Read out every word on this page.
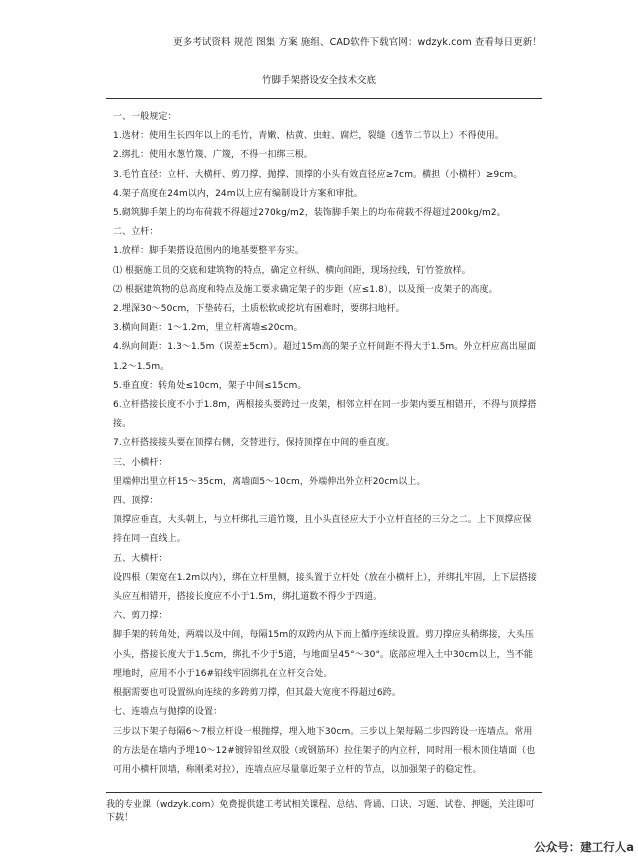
更多考试资料 规范 图集 方案 施组、CAD软件下载官网：wdzyk.com 查看每日更新！
竹脚手架搭设安全技术交底

一、一般规定：

1.选材：使用生长四年以上的毛竹，青嫩、枯黄、虫蛀、腐烂，裂缝（透节二节以上）不得使用。

2.绑扎：使用水葱竹篾、广篾，不得一扣绑三根。

3.毛竹直径：立杆、大横杆、剪刀撑、抛撑、顶撑的小头有效直径应≥7cm。横担（小横杆）≥9cm。

4.架子高度在24m以内，24m以上应有编制设计方案和审批。

5.砌筑脚手架上的均布荷载不得超过270kg/m2，装饰脚手架上的均布荷载不得超过200kg/m2。

二、立杆：

1.放样：脚手架搭设范围内的地基要整平夯实。

⑴ 根据施工员的交底和建筑物的特点，确定立杆纵、横向间距，现场拉线，钉竹签放样。

⑵ 根据建筑物的总高度和特点及施工要求确定架子的步距（应≤1.8），以及预一皮架子的高度。

2.埋深30～50cm，下垫砖石，土质松软或挖坑有困难时，要绑扫地杆。

3.横向间距：1～1.2m，里立杆离墙≤20cm。

4.纵向间距：1.3～1.5m（误差±5cm）。超过15m高的架子立杆间距不得大于1.5m。外立杆应高出屋面1.2～1.5m。

5.垂直度：转角处≤10cm，架子中间≤15cm。

6.立杆搭接长度不小于1.8m，两根接头要跨过一皮架，相邻立杆在同一步架内要互相错开，不得与顶撑搭接。

7.立杆搭接接头要在顶撑右侧，交替进行，保持顶撑在中间的垂直度。

三、小横杆：

里端伸出里立杆15～35cm，离墙面5～10cm，外端伸出外立杆20cm以上。

四、顶撑：

顶撑应垂直，大头朝上，与立杆绑扎三道竹篾，且小头直径应大于小立杆直径的三分之二。上下顶撑应保持在同一直线上。

五、大横杆：

设四根（架宽在1.2m以内），绑在立杆里侧，接头置于立杆处（放在小横杆上），并绑扎牢固，上下层搭接头应互相错开，搭接长度应不小于1.5m，绑扎道数不得少于四道。

六、剪刀撑：

脚手架的转角处，两端以及中间，每隔15m的双跨内从下而上循序连续设置。剪刀撑应头稍绑接，大头压小头，搭接长度大于1.5cm，绑扎不少于5道，与地面呈45°～30°。底部应埋入土中30cm以上，当不能埋地时，应用不小于16#铅线牢固绑扎在立杆交合处。

根据需要也可设置纵向连续的多跨剪刀撑，但其最大宽度不得超过6跨。

七、连墙点与抛撑的设置：

三步以下架子每隔6～7根立杆设一根抛撑，埋入地下30cm。三步以上架每隔二步四跨设一连墙点。常用的方法是在墙内予埋10～12#镀锌铅丝双股（或钢筋环）拉住架子的内立杆，同时用一根木顶住墙面（也可用小横杆顶墙，称刚柔对拉），连墙点应尽量靠近架子立杆的节点，以加强架子的稳定性。

我的专业课（wdzyk.com）免费提供建工考试相关课程、总结、背诵、口诀、习题、试卷、押题，关注即可下载！
公众号：建工行人a
